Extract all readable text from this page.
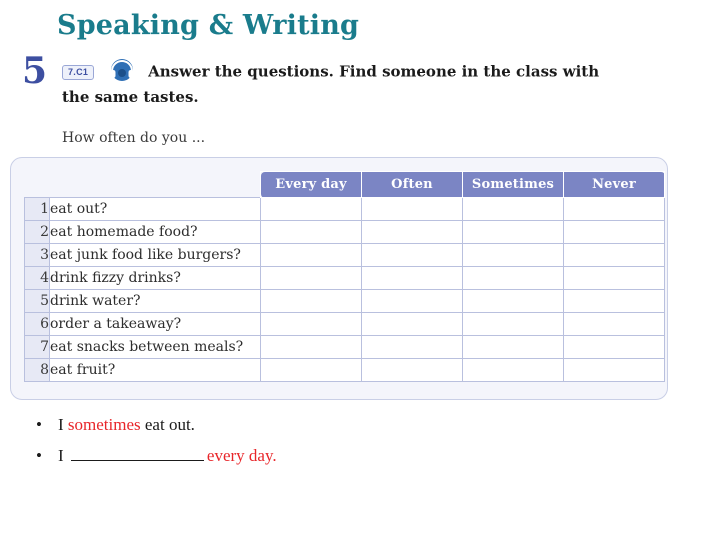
Speaking & Writing
5	7.C1	Answer the questions. Find someone in the class with
the same tastes.
How often do you ...
		Every day	Often	Sometimes	Never
1	eat out?				
2	eat homemade food?				
3	eat junk food like burgers?				
4	drink fizzy drinks?				
5	drink water?				
6	order a takeaway?				
7	eat snacks between meals?				
8	eat fruit?				
• I sometimes eat out.
• I	every day.
